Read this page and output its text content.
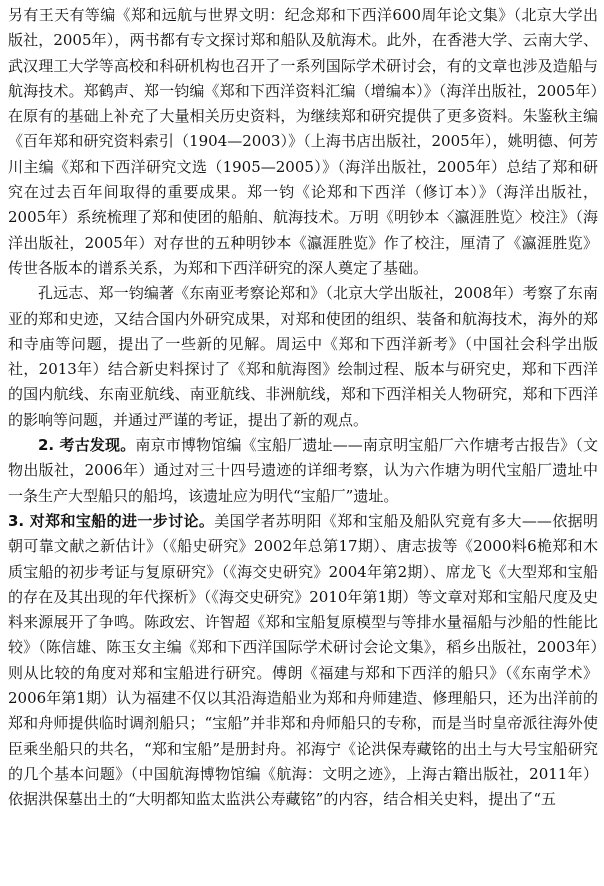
另有王天有等编《郑和远航与世界文明：纪念郑和下西洋600周年论文集》（北京大学出版社，2005年），两书都有专文探讨郑和船队及航海术。此外，在香港大学、云南大学、武汉理工大学等高校和科研机构也召开了一系列国际学术研讨会，有的文章也涉及造船与航海技术。郑鹤声、郑一钧编《郑和下西洋资料汇编（增编本）》（海洋出版社，2005年）在原有的基础上补充了大量相关历史资料，为继续郑和研究提供了更多资料。朱鉴秋主编《百年郑和研究资料索引（1904—2003）》（上海书店出版社，2005年），姚明德、何芳川主编《郑和下西洋研究文选（1905—2005）》（海洋出版社，2005年）总结了郑和研究在过去百年间取得的重要成果。郑一钧《论郑和下西洋（修订本）》（海洋出版社，2005年）系统梳理了郑和使团的船舶、航海技术。万明《明钞本〈瀛涯胜览〉校注》（海洋出版社，2005年）对存世的五种明钞本《瀛涯胜览》作了校注，厘清了《瀛涯胜览》传世各版本的谱系关系，为郑和下西洋研究的深人奠定了基础。

孔远志、郑一钧编著《东南亚考察论郑和》（北京大学出版社，2008年）考察了东南亚的郑和史迹，又结合国内外研究成果，对郑和使团的组织、装备和航海技术，海外的郑和寺庙等问题，提出了一些新的见解。周运中《郑和下西洋新考》（中国社会科学出版社，2013年）结合新史料探讨了《郑和航海图》绘制过程、版本与研究史，郑和下西洋的国内航线、东南亚航线、南亚航线、非洲航线，郑和下西洋相关人物研究，郑和下西洋的影响等问题，并通过严谨的考证，提出了新的观点。

2. 考古发现。南京市博物馆编《宝船厂遗址——南京明宝船厂六作塘考古报告》（文物出版社，2006年）通过对三十四号遗迹的详细考察，认为六作塘为明代宝船厂遗址中一条生产大型船只的船坞，该遗址应为明代“宝船厂”遗址。

3. 对郑和宝船的进一步讨论。美国学者苏明阳《郑和宝船及船队究竟有多大——依据明朝可靠文献之新估计》（《船史研究》2002年总第17期）、唐志拔等《2000料6桅郑和木质宝船的初步考证与复原研究》（《海交史研究》2004年第2期）、席龙飞《大型郑和宝船的存在及其出现的年代探析》（《海交史研究》2010年第1期）等文章对郑和宝船尺度及史料来源展开了争鸣。陈政宏、许智超《郑和宝船复原模型与等排水量福船与沙船的性能比较》（陈信雄、陈玉女主编《郑和下西洋国际学术研讨会论文集》，稻乡出版社，2003年）则从比较的角度对郑和宝船进行研究。傅朗《福建与郑和下西洋的船只》（《东南学术》2006年第1期）认为福建不仅以其沿海造船业为郑和舟师建造、修理船只，还为出洋前的郑和舟师提供临时调剂船只；“宝船”并非郑和舟师船只的专称，而是当时皇帝派往海外使臣乘坐船只的共名，“郑和宝船”是册封舟。祁海宁《论洪保寿藏铭的出土与大号宝船研究的几个基本问题》（中国航海博物馆编《航海：文明之迹》，上海古籍出版社，2011年）依据洪保墓出土的“大明都知监太监洪公寿藏铭”的内容，结合相关史料，提出了“五
